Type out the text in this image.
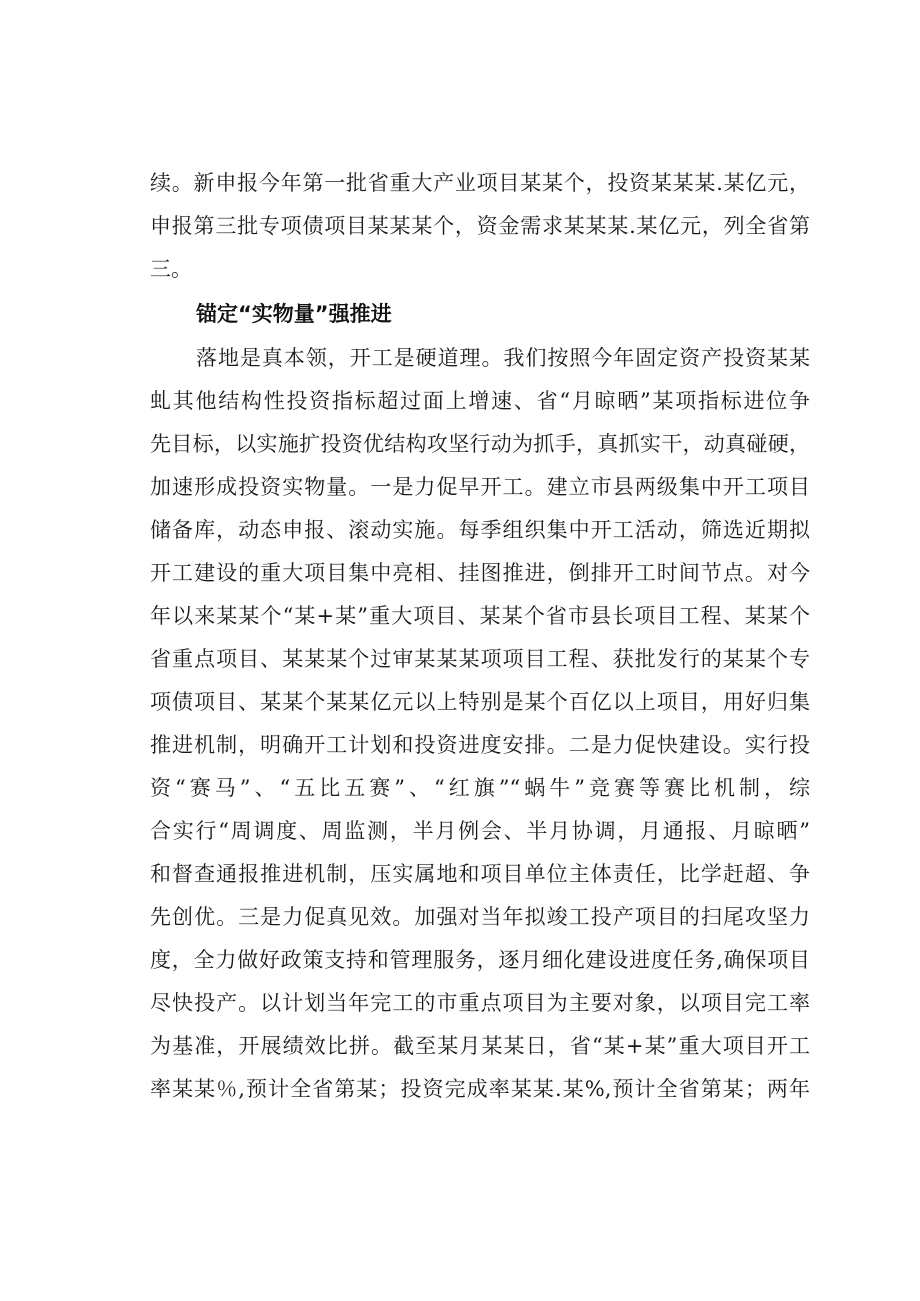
续。新申报今年第一批省重大产业项目某某个，投资某某某.某亿元，
申报第三批专项债项目某某某个，资金需求某某某.某亿元，列全省第
三。
锚定“实物量”强推进
落地是真本领，开工是硬道理。我们按照今年固定资产投资某某
虬其他结构性投资指标超过面上增速、省“月晾晒”某项指标进位争
先目标，以实施扩投资优结构攻坚行动为抓手，真抓实干，动真碰硬，
加速形成投资实物量。一是力促早开工。建立市县两级集中开工项目
储备库，动态申报、滚动实施。每季组织集中开工活动，筛选近期拟
开工建设的重大项目集中亮相、挂图推进，倒排开工时间节点。对今
年以来某某个“某+某”重大项目、某某个省市县长项目工程、某某个
省重点项目、某某某个过审某某某项项目工程、获批发行的某某个专
项债项目、某某个某某亿元以上特别是某个百亿以上项目，用好归集
推进机制，明确开工计划和投资进度安排。二是力促快建设。实行投
资“赛马”、“五比五赛”、“红旗”“蜗牛”竞赛等赛比机制，综
合实行“周调度、周监测，半月例会、半月协调，月通报、月晾晒”
和督查通报推进机制，压实属地和项目单位主体责任，比学赶超、争
先创优。三是力促真见效。加强对当年拟竣工投产项目的扫尾攻坚力
度，全力做好政策支持和管理服务，逐月细化建设进度任务,确保项目
尽快投产。以计划当年完工的市重点项目为主要对象，以项目完工率
为基准，开展绩效比拼。截至某月某某日，省“某+某”重大项目开工
率某某％,预计全省第某；投资完成率某某.某%,预计全省第某；两年
